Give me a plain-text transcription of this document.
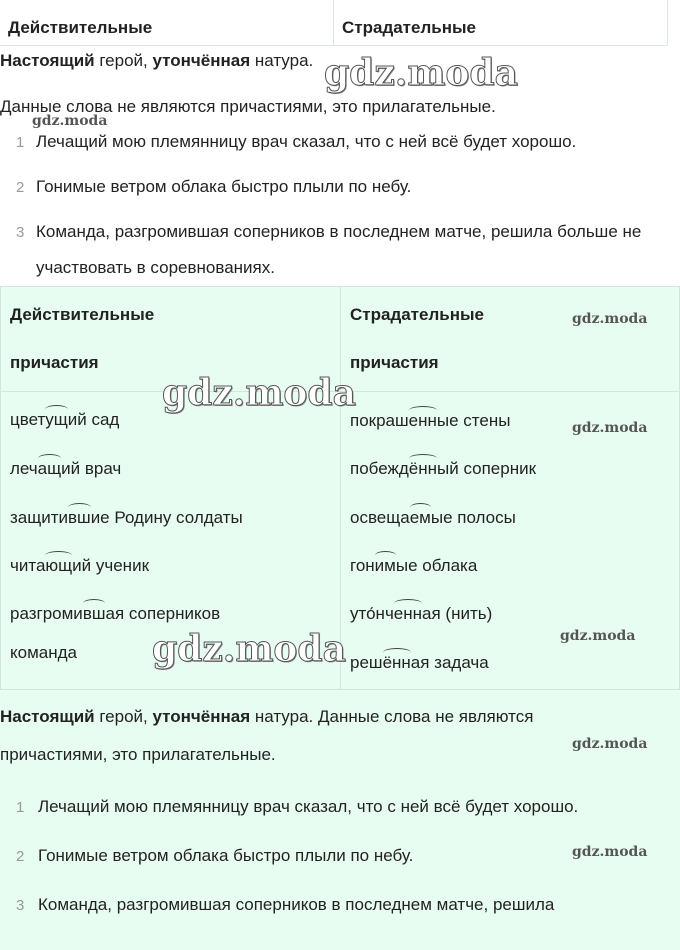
Действительные	Страдательные
Настоящий герой, утончённая натура.
Данные слова не являются причастиями, это прилагательные.
1 Лечащий мою племянницу врач сказал, что с ней всё будет хорошо.
2 Гонимые ветром облака быстро плыли по небу.
3 Команда, разгромившая соперников в последнем матче, решила больше не участвовать в соревнованиях.
Действительные
причастия
Страдательные
причастия
цветущий сад
лечащий врач
защитившие Родину солдаты
читающий ученик
разгромившая соперников
команда
покрашенные стены
побеждённый соперник
освещаемые полосы
гонимые облака
уто́нченная (нить)
решённая задача
Настоящий герой, утончённая натура. Данные слова не являются причастиями, это прилагательные.
1 Лечащий мою племянницу врач сказал, что с ней всё будет хорошо.
2 Гонимые ветром облака быстро плыли по небу.
3 Команда, разгромившая соперников в последнем матче, решила
gdz.moda
gdz.moda
gdz.moda
gdz.moda
gdz.moda
gdz.moda
gdz.moda
gdz.moda
gdz.moda
